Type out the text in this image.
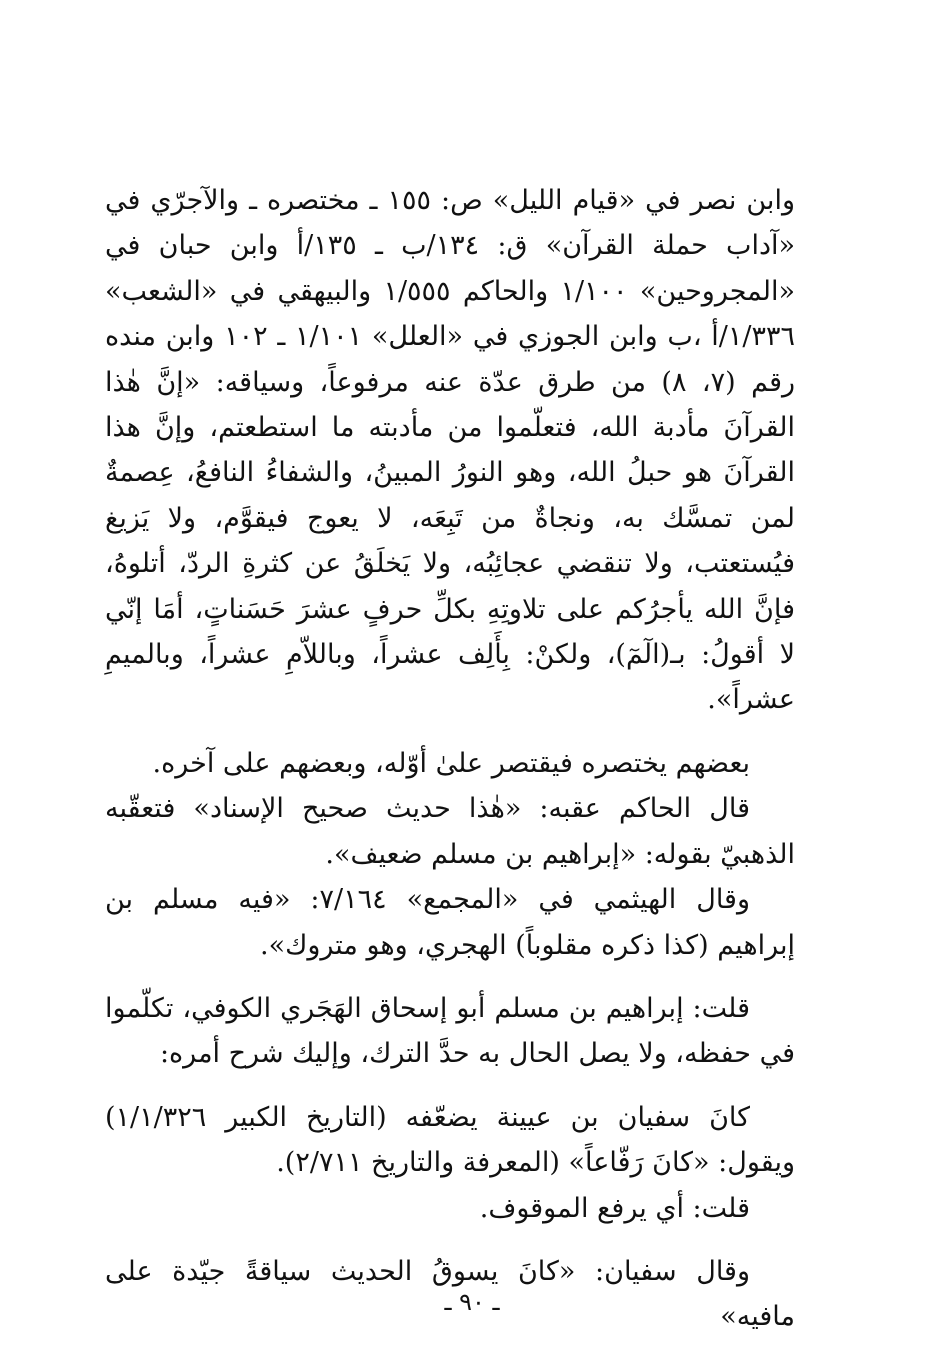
وابن نصر في «قيام الليل» ص: ١٥٥ ـ مختصره ـ والآجرّي في «آداب حملة القرآن» ق: ١٣٤/ب ـ ١٣٥/أ وابن حبان في «المجروحين» ١/١٠٠ والحاكم ١/٥٥٥ والبيهقي في «الشعب» ١/٣٣٦/أ ،ب وابن الجوزي في «العلل» ١/١٠١ ـ ١٠٢ وابن منده رقم (٧، ٨) من طرق عدّة عنه مرفوعاً، وسياقه: «إنَّ هٰذا القرآنَ مأدبة الله، فتعلّموا من مأدبته ما استطعتم، وإنَّ هذا القرآنَ هو حبلُ الله، وهو النورُ المبينُ، والشفاءُ النافعُ، عِصمةٌ لمن تمسَّك به، ونجاةٌ من تَبِعَه، لا يعوج فيقوَّم، ولا يَزيغ فيُستعتب، ولا تنقضي عجائِبُه، ولا يَخلَقُ عن كثرةِ الردّ، أتلوهُ، فإنَّ الله يأجرُكم على تلاوتِهِ بكلِّ حرفٍ عشرَ حَسَناتٍ، أمَا إنّي لا أقولُ: بـ(الٓمٓ)، ولكنْ: بِأَلِف عشراً، وباللاّمِ عشراً، وبالميمِ عشراً».

بعضهم يختصره فيقتصر علىٰ أوّله، وبعضهم على آخره.

قال الحاكم عقبه: «هٰذا حديث صحيح الإسناد» فتعقّبه الذهبيّ بقوله: «إبراهيم بن مسلم ضعيف».

وقال الهيثمي في «المجمع» ٧/١٦٤: «فيه مسلم بن إبراهيم (كذا ذكره مقلوباً) الهجري، وهو متروك».

قلت: إبراهيم بن مسلم أبو إسحاق الهَجَري الكوفي، تكلّموا في حفظه، ولا يصل الحال به حدَّ الترك، وإليك شرح أمره:

كانَ سفيان بن عيينة يضعّفه (التاريخ الكبير ١/١/٣٢٦) ويقول: «كانَ رَفّاعاً» (المعرفة والتاريخ ٢/٧١١).

قلت: أي يرفع الموقوف.

وقال سفيان: «كانَ يسوقُ الحديث سياقةً جيّدة على مافيه»

ـ ٩٠ ـ
